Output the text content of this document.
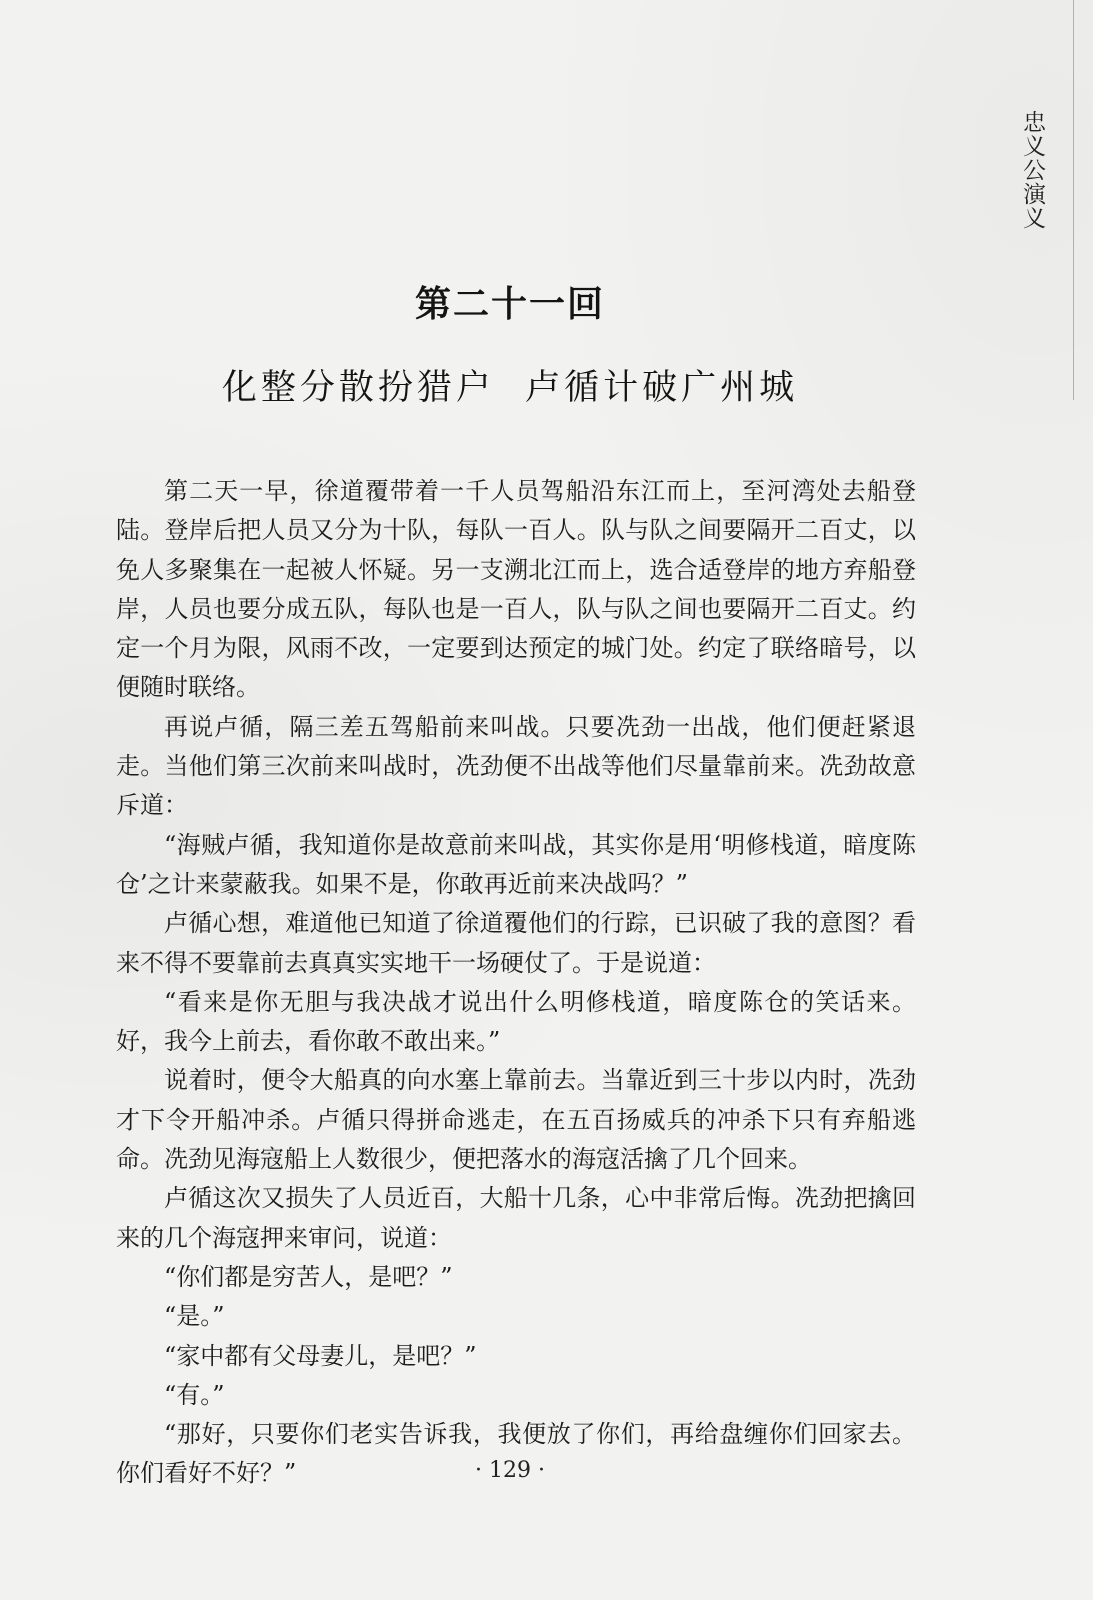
忠义公演义
第二十一回
化整分散扮猎户  卢循计破广州城

第二天一早，徐道覆带着一千人员驾船沿东江而上，至河湾处去船登陆。登岸后把人员又分为十队，每队一百人。队与队之间要隔开二百丈，以免人多聚集在一起被人怀疑。另一支溯北江而上，选合适登岸的地方弃船登岸，人员也要分成五队，每队也是一百人，队与队之间也要隔开二百丈。约定一个月为限，风雨不改，一定要到达预定的城门处。约定了联络暗号，以便随时联络。

再说卢循，隔三差五驾船前来叫战。只要冼劲一出战，他们便赶紧退走。当他们第三次前来叫战时，冼劲便不出战等他们尽量靠前来。冼劲故意斥道：

“海贼卢循，我知道你是故意前来叫战，其实你是用‘明修栈道，暗度陈仓’之计来蒙蔽我。如果不是，你敢再近前来决战吗？”

卢循心想，难道他已知道了徐道覆他们的行踪，已识破了我的意图？看来不得不要靠前去真真实实地干一场硬仗了。于是说道：

“看来是你无胆与我决战才说出什么明修栈道，暗度陈仓的笑话来。好，我今上前去，看你敢不敢出来。”

说着时，便令大船真的向水塞上靠前去。当靠近到三十步以内时，冼劲才下令开船冲杀。卢循只得拼命逃走，在五百扬威兵的冲杀下只有弃船逃命。冼劲见海寇船上人数很少，便把落水的海寇活擒了几个回来。

卢循这次又损失了人员近百，大船十几条，心中非常后悔。冼劲把擒回来的几个海寇押来审问，说道：

“你们都是穷苦人，是吧？”

“是。”

“家中都有父母妻儿，是吧？”

“有。”

“那好，只要你们老实告诉我，我便放了你们，再给盘缠你们回家去。你们看好不好？”	· 129 ·
